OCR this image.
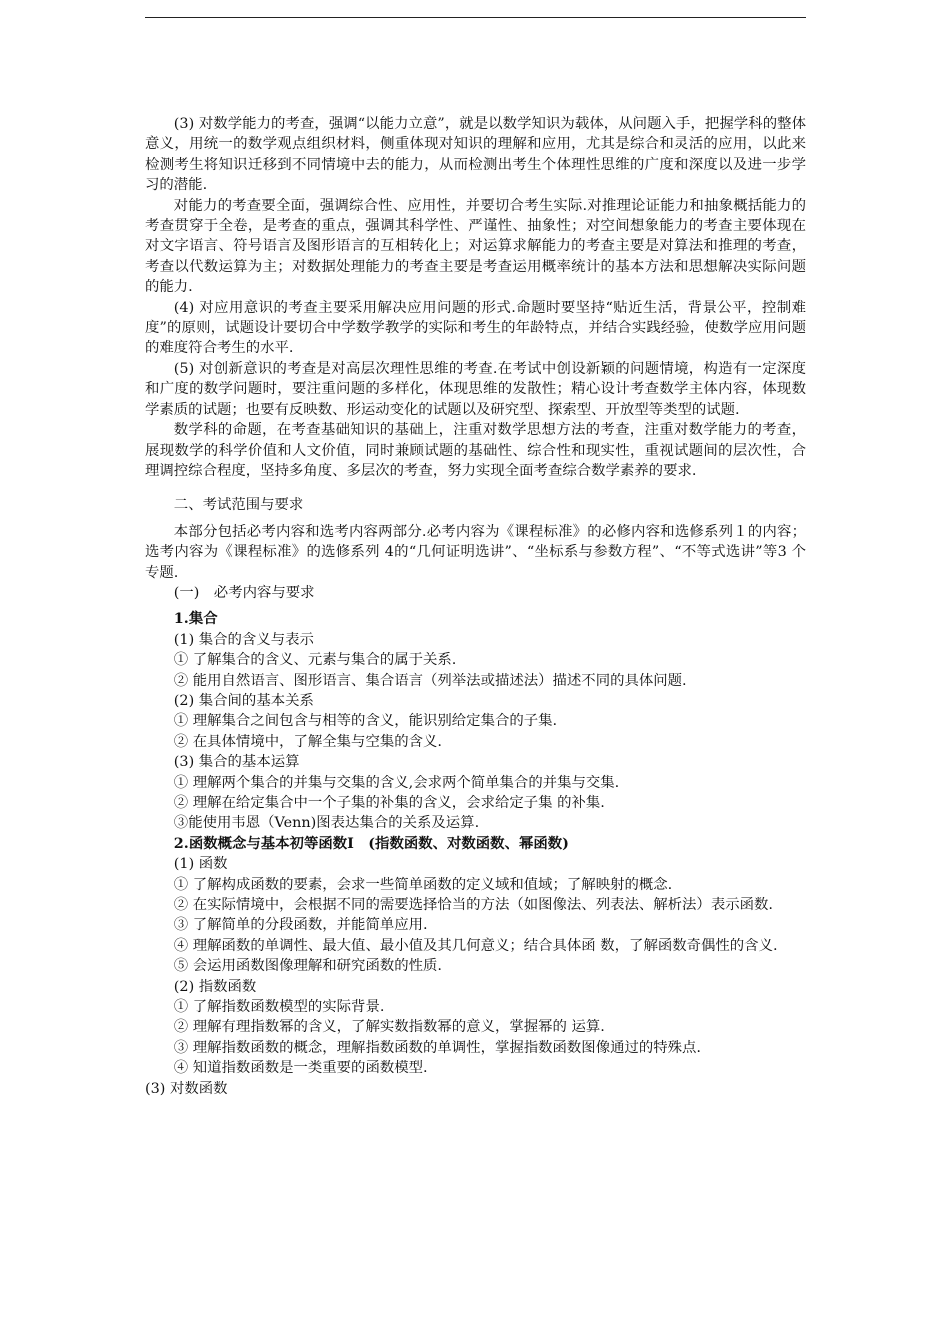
(3) 对数学能力的考查，强调“以能力立意”，就是以数学知识为载体，从问题入手，把握学科的整体意义，用统一的数学观点组织材料，侧重体现对知识的理解和应用，尤其是综合和灵活的应用，以此来检测考生将知识迁移到不同情境中去的能力，从而检测出考生个体理性思维的广度和深度以及进一步学习的潜能.

对能力的考查要全面，强调综合性、应用性，并要切合考生实际.对推理论证能力和抽象概括能力的考查贯穿于全卷，是考查的重点，强调其科学性、严谨性、抽象性；对空间想象能力的考查主要体现在对文字语言、符号语言及图形语言的互相转化上；对运算求解能力的考查主要是对算法和推理的考查，考查以代数运算为主；对数据处理能力的考查主要是考查运用概率统计的基本方法和思想解决实际问题的能力.

(4) 对应用意识的考查主要采用解决应用问题的形式.命题时要坚持“贴近生活，背景公平，控制难度”的原则，试题设计要切合中学数学教学的实际和考生的年龄特点，并结合实践经验，使数学应用问题的难度符合考生的水平.

(5) 对创新意识的考查是对高层次理性思维的考查.在考试中创设新颖的问题情境，构造有一定深度和广度的数学问题时，要注重问题的多样化，体现思维的发散性；精心设计考查数学主体内容，体现数学素质的试题；也要有反映数、形运动变化的试题以及研究型、探索型、开放型等类型的试题.

数学科的命题，在考查基础知识的基础上，注重对数学思想方法的考查，注重对数学能力的考查，展现数学的科学价值和人文价值，同时兼顾试题的基础性、综合性和现实性，重视试题间的层次性，合理调控综合程度，坚持多角度、多层次的考查，努力实现全面考查综合数学素养的要求.

二、考试范围与要求

本部分包括必考内容和选考内容两部分.必考内容为《课程标准》的必修内容和选修系列１的内容；选考内容为《课程标准》的选修系列 4的“几何证明选讲”、“坐标系与参数方程”、“不等式选讲”等3 个 专题.

(一)　必考内容与要求

1.集合

(1) 集合的含义与表示

① 了解集合的含义、元素与集合的属于关系.

② 能用自然语言、图形语言、集合语言（列举法或描述法）描述不同的具体问题.

(2) 集合间的基本关系

① 理解集合之间包含与相等的含义，能识别给定集合的子集.

② 在具体情境中，了解全集与空集的含义.

(3) 集合的基本运算

① 理解两个集合的并集与交集的含义,会求两个简单集合的并集与交集.

② 理解在给定集合中一个子集的补集的含义，会求给定子集 的补集.

③能使用韦恩（Venn)图表达集合的关系及运算.

2.函数概念与基本初等函数Ⅰ　(指数函数、对数函数、幂函数)

(1) 函数

① 了解构成函数的要素，会求一些简单函数的定义域和值域；了解映射的概念.

② 在实际情境中，会根据不同的需要选择恰当的方法（如图像法、列表法、解析法）表示函数.

③ 了解简单的分段函数，并能简单应用.

④ 理解函数的单调性、最大值、最小值及其几何意义；结合具体函 数，了解函数奇偶性的含义.

⑤ 会运用函数图像理解和研究函数的性质.

(2) 指数函数

① 了解指数函数模型的实际背景.

② 理解有理指数幂的含义，了解实数指数幂的意义，掌握幂的 运算.

③ 理解指数函数的概念，理解指数函数的单调性，掌握指数函数图像通过的特殊点.

④ 知道指数函数是一类重要的函数模型.

(3) 对数函数
